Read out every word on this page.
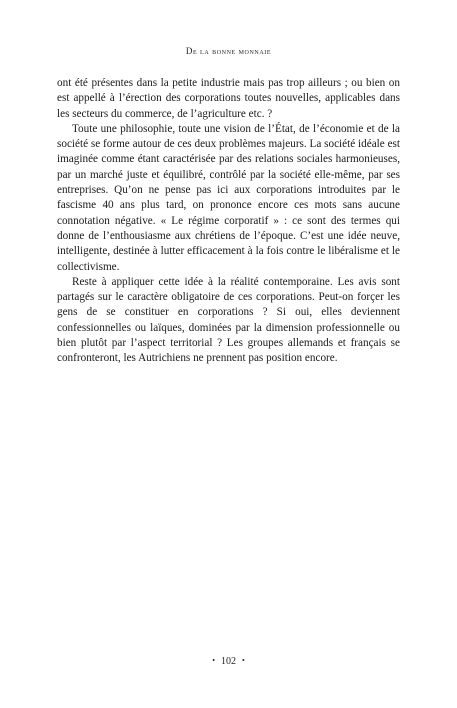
De la bonne monnaie

ont été présentes dans la petite industrie mais pas trop ailleurs ; ou bien on est appellé à l’érection des corporations toutes nouvelles, applicables dans les secteurs du commerce, de l’agriculture etc. ?

Toute une philosophie, toute une vision de l’État, de l’économie et de la société se forme autour de ces deux problèmes majeurs. La société idéale est imaginée comme étant caractérisée par des relations sociales harmonieuses, par un marché juste et équilibré, contrôlé par la société elle-même, par ses entreprises. Qu’on ne pense pas ici aux corporations introduites par le fascisme 40 ans plus tard, on prononce encore ces mots sans aucune connotation négative. « Le régime corporatif » : ce sont des termes qui donne de l’enthousiasme aux chrétiens de l’époque. C’est une idée neuve, intelligente, destinée à lutter efficacement à la fois contre le libéralisme et le collectivisme.

Reste à appliquer cette idée à la réalité contemporaine. Les avis sont partagés sur le caractère obligatoire de ces corporations. Peut-on forçer les gens de se constituer en corporations ? Si oui, elles deviennent confessionnelles ou laïques, dominées par la dimension professionnelle ou bien plutôt par l’aspect territorial ? Les groupes allemands et français se confronteront, les Autrichiens ne prennent pas position encore.

• 102 •
